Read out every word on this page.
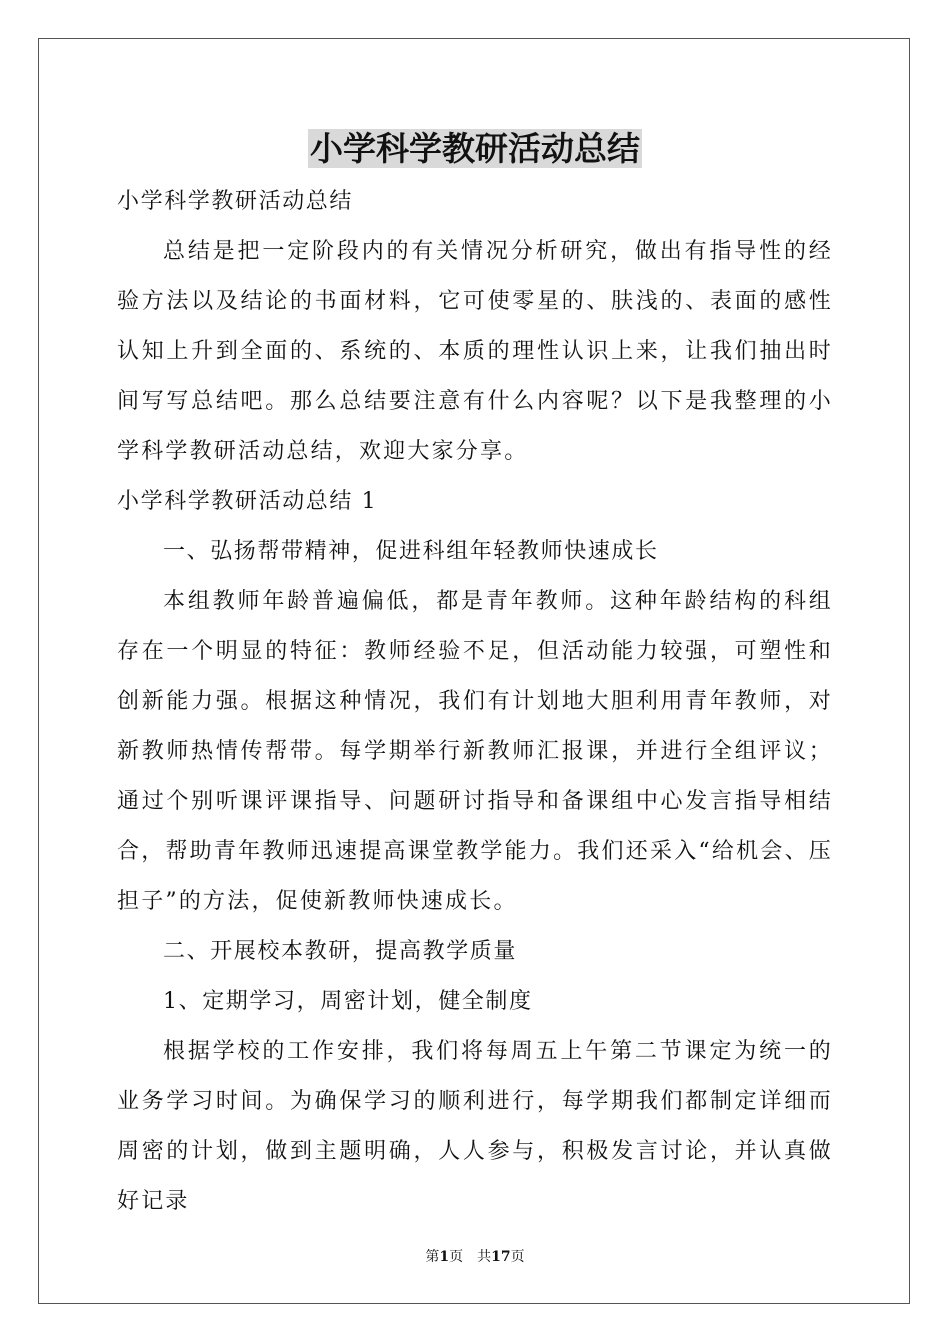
小学科学教研活动总结
小学科学教研活动总结

总结是把一定阶段内的有关情况分析研究，做出有指导性的经验方法以及结论的书面材料，它可使零星的、肤浅的、表面的感性认知上升到全面的、系统的、本质的理性认识上来，让我们抽出时间写写总结吧。那么总结要注意有什么内容呢？以下是我整理的小学科学教研活动总结，欢迎大家分享。

小学科学教研活动总结 1

一、弘扬帮带精神，促进科组年轻教师快速成长

本组教师年龄普遍偏低，都是青年教师。这种年龄结构的科组存在一个明显的特征：教师经验不足，但活动能力较强，可塑性和创新能力强。根据这种情况，我们有计划地大胆利用青年教师，对新教师热情传帮带。每学期举行新教师汇报课，并进行全组评议；通过个别听课评课指导、问题研讨指导和备课组中心发言指导相结合，帮助青年教师迅速提高课堂教学能力。我们还采入“给机会、压担子”的方法，促使新教师快速成长。

二、开展校本教研，提高教学质量

1、定期学习，周密计划，健全制度

根据学校的工作安排，我们将每周五上午第二节课定为统一的业务学习时间。为确保学习的顺利进行，每学期我们都制定详细而周密的计划，做到主题明确，人人参与，积极发言讨论，并认真做好记录

第1页 共17页
